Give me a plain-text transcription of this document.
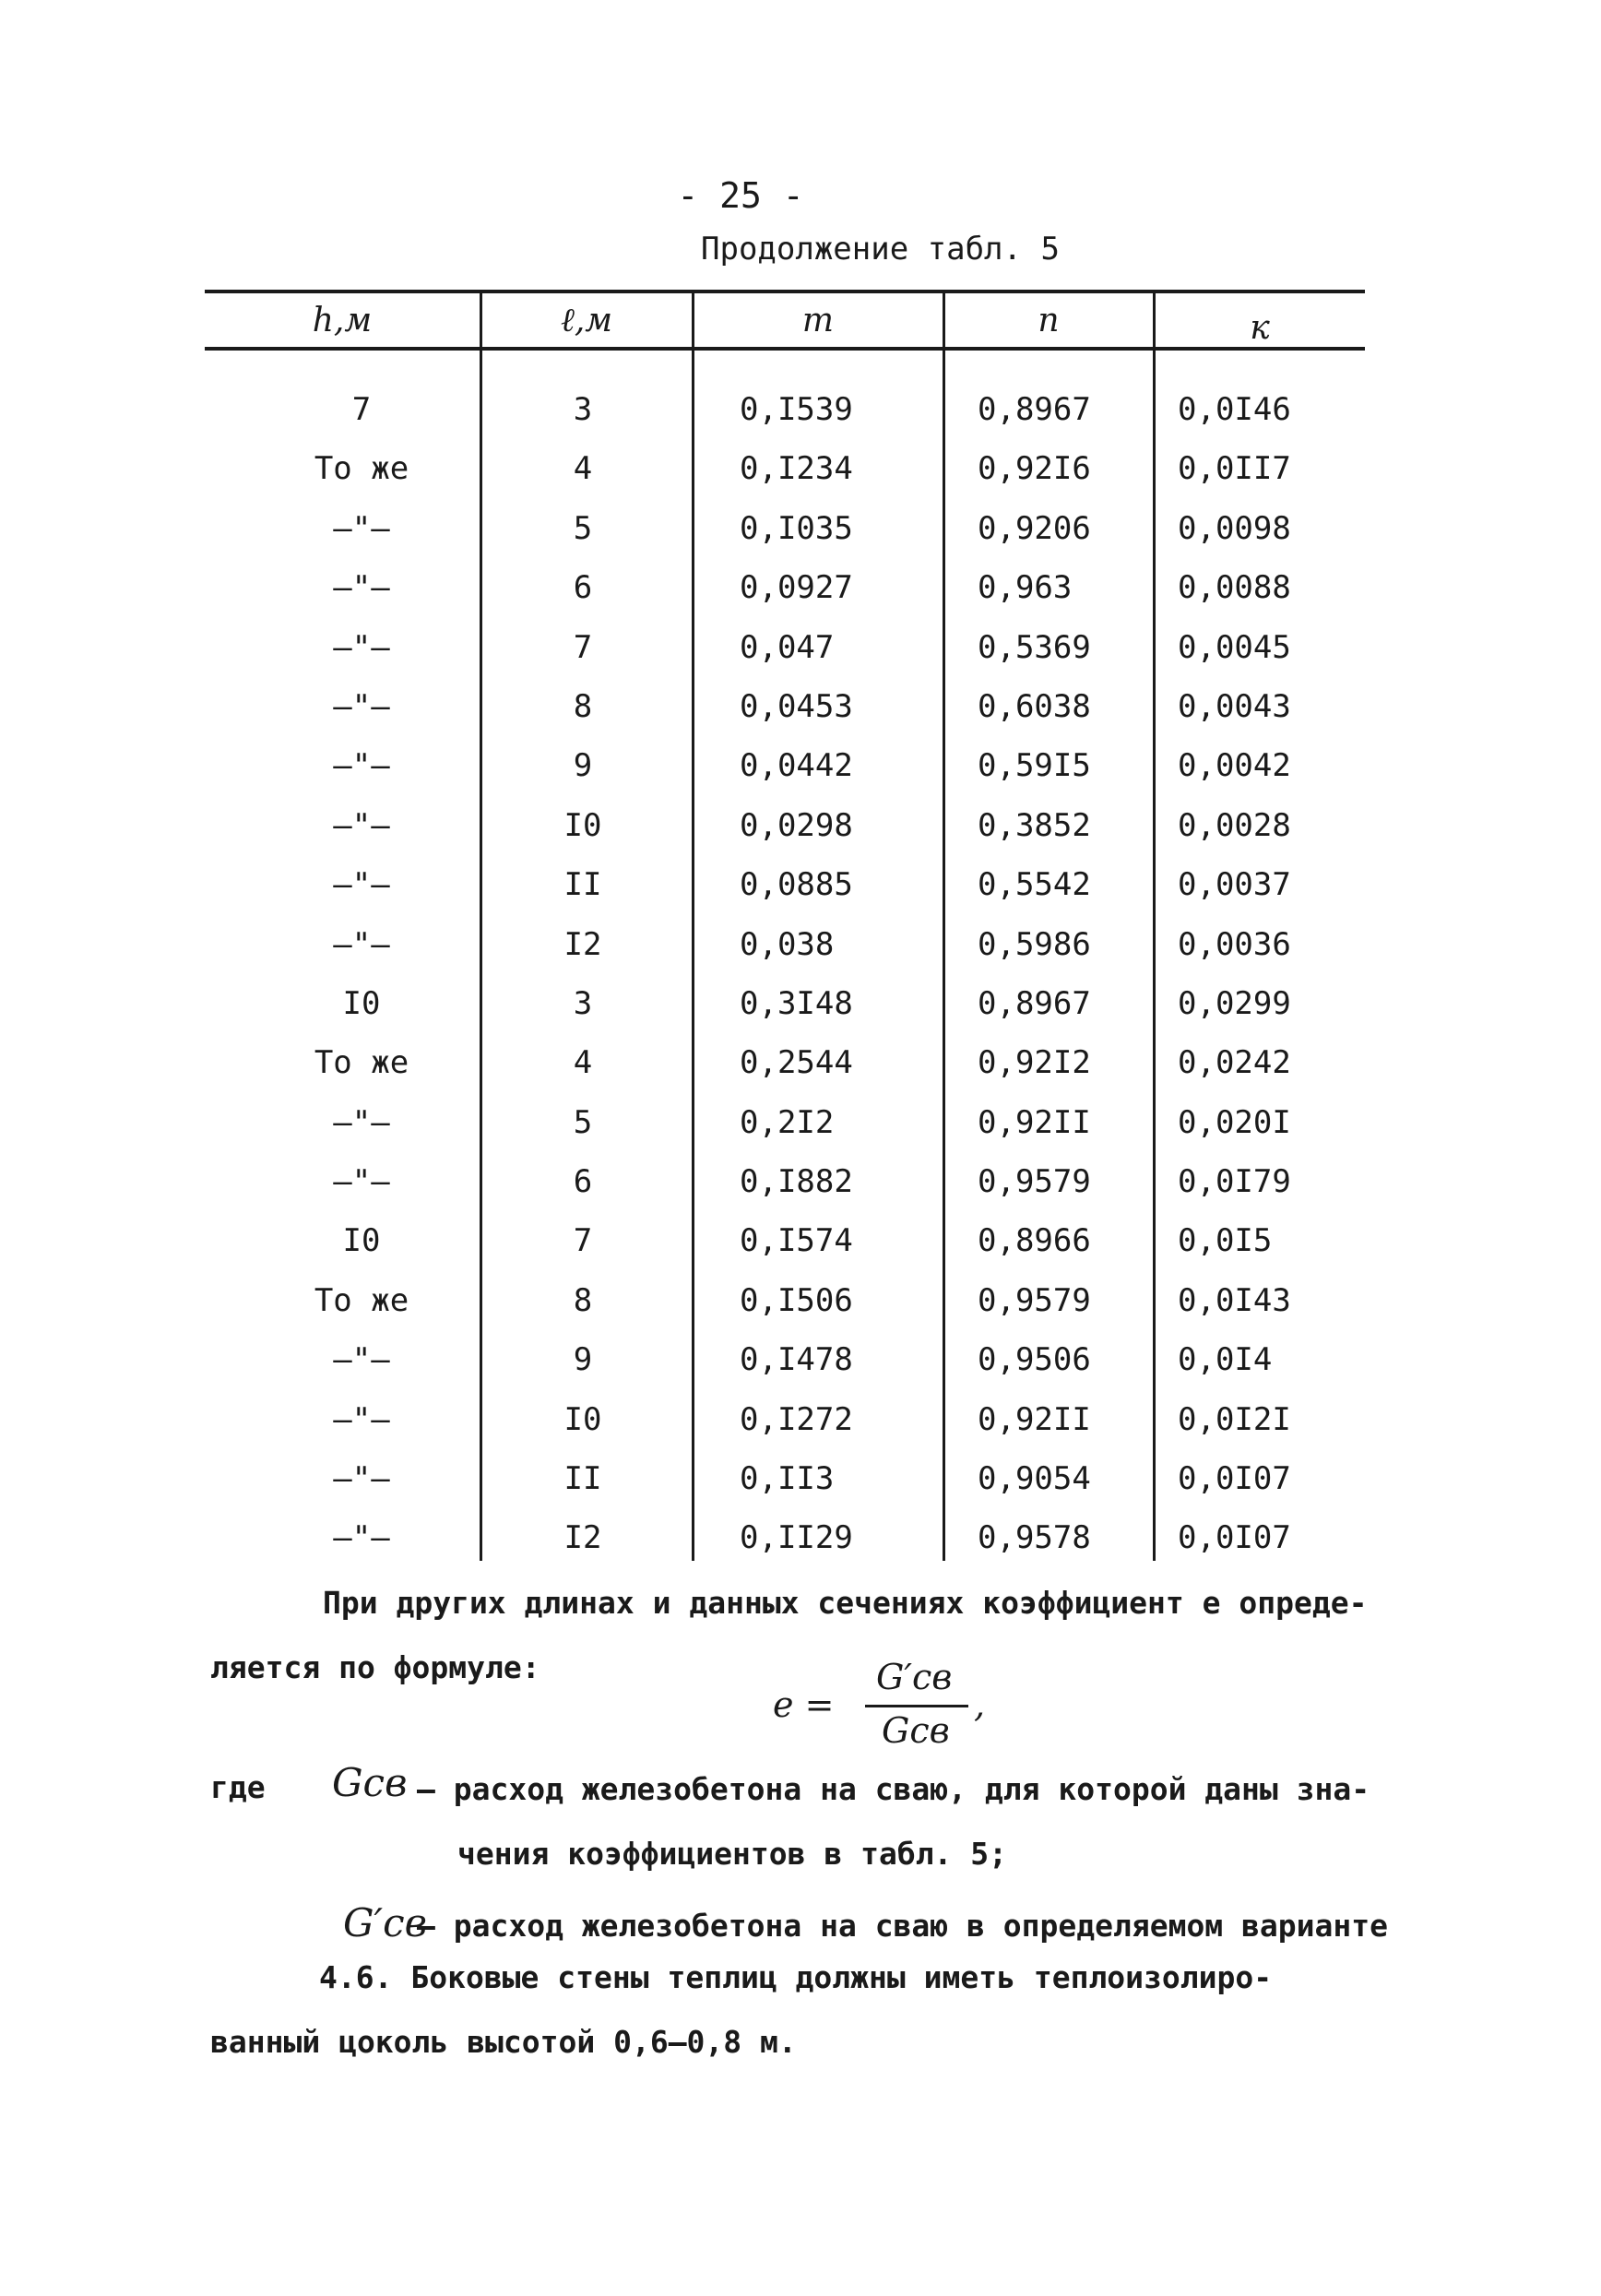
- 25 -
Продолжение табл. 5
h,м	ℓ,м	m	n	к
7	3	0,I539	0,8967	0,0I46
То же	4	0,I234	0,92I6	0,0II7
–"–	5	0,I035	0,9206	0,0098
–"–	6	0,0927	0,963	0,0088
–"–	7	0,047	0,5369	0,0045
–"–	8	0,0453	0,6038	0,0043
–"–	9	0,0442	0,59I5	0,0042
–"–	I0	0,0298	0,3852	0,0028
–"–	II	0,0885	0,5542	0,0037
–"–	I2	0,038	0,5986	0,0036
I0	3	0,3I48	0,8967	0,0299
То же	4	0,2544	0,92I2	0,0242
–"–	5	0,2I2	0,92II	0,020I
–"–	6	0,I882	0,9579	0,0I79
I0	7	0,I574	0,8966	0,0I5
То же	8	0,I506	0,9579	0,0I43
–"–	9	0,I478	0,9506	0,0I4
–"–	I0	0,I272	0,92II	0,0I2I
–"–	II	0,II3	0,9054	0,0I07
–"–	I2	0,II29	0,9578	0,0I07
При других длинах и данных сечениях коэффициент e опреде-
ляется по формуле:
e =
G′св
Gсв
,
где Gсв – расход железобетона на сваю, для которой даны зна-
чения коэффициентов в табл. 5;
G′св
– расход железобетона на сваю в определяемом варианте
4.6. Боковые стены теплиц должны иметь теплоизолиро-
ванный цоколь высотой 0,6–0,8 м.
